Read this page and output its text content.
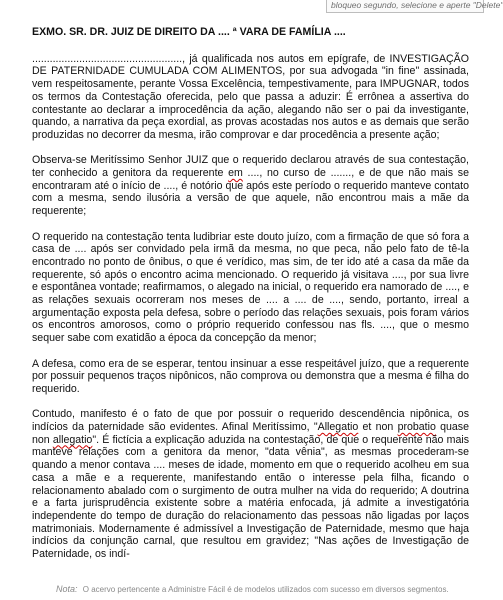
bloqueo segundo, selecione e aperte "Delete"
EXMO. SR. DR. JUIZ DE DIREITO DA .... ª VARA DE FAMÍLIA ....

..................................................., já qualificada nos autos em epígrafe, de INVESTIGAÇÃO DE PATERNIDADE CUMULADA COM ALIMENTOS, por sua advogada "in fine" assinada, vem respeitosamente, perante Vossa Excelência, tempestivamente, para IMPUGNAR, todos os termos da Contestação oferecida, pelo que passa a aduzir: É errônea a assertiva do contestante ao declarar a improcedência da ação, alegando não ser o pai da investigante, quando, a narrativa da peça exordial, as provas acostadas nos autos e as demais que serão produzidas no decorrer da mesma, irão comprovar e dar procedência a presente ação;

Observa-se Meritíssimo Senhor JUIZ que o requerido declarou através de sua contestação, ter conhecido a genitora da requerente em ...., no curso de ......., e de que não mais se encontraram até o início de ...., é notório que após este período o requerido manteve contato com a mesma, sendo ilusória a versão de que aquele, não encontrou mais a mãe da requerente;

O requerido na contestação tenta ludibriar este douto juízo, com a firmação de que só fora a casa de .... após ser convidado pela irmã da mesma, no que peca, não pelo fato de tê-la encontrado no ponto de ônibus, o que é verídico, mas sim, de ter ido até a casa da mãe da requerente, só após o encontro acima mencionado. O requerido já visitava ...., por sua livre e espontânea vontade; reafirmamos, o alegado na inicial, o requerido era namorado de ...., e as relações sexuais ocorreram nos meses de .... a .... de ...., sendo, portanto, irreal a argumentação exposta pela defesa, sobre o período das relações sexuais, pois foram vários os encontros amorosos, como o próprio requerido confessou nas fls. ...., que o mesmo sequer sabe com exatidão a época da concepção da menor;

A defesa, como era de se esperar, tentou insinuar a esse respeitável juízo, que a requerente por possuir pequenos traços nipônicos, não comprova ou demonstra que a mesma é filha do requerido.

Contudo, manifesto é o fato de que por possuir o requerido descendência nipônica, os indícios da paternidade são evidentes. Afinal Meritíssimo, "Allegatio et non probatio quase non allegatio". É fictícia a explicação aduzida na contestação, de que o requerente não mais manteve relações com a genitora da menor, "data vênia", as mesmas procederam-se quando a menor contava .... meses de idade, momento em que o requerido acolheu em sua casa a mãe e a requerente, manifestando então o interesse pela filha, ficando o relacionamento abalado com o surgimento de outra mulher na vida do requerido; A doutrina e a farta jurisprudência existente sobre a matéria enfocada, já admite a investigatória independente do tempo de duração do relacionamento das pessoas não ligadas por laços matrimoniais. Modernamente é admissível a Investigação de Paternidade, mesmo que haja indícios da conjunção carnal, que resultou em gravidez; "Nas ações de Investigação de Paternidade, os indí-

Nota: O acervo pertencente a Administre Fácil é de modelos utilizados com sucesso em diversos segmentos.
